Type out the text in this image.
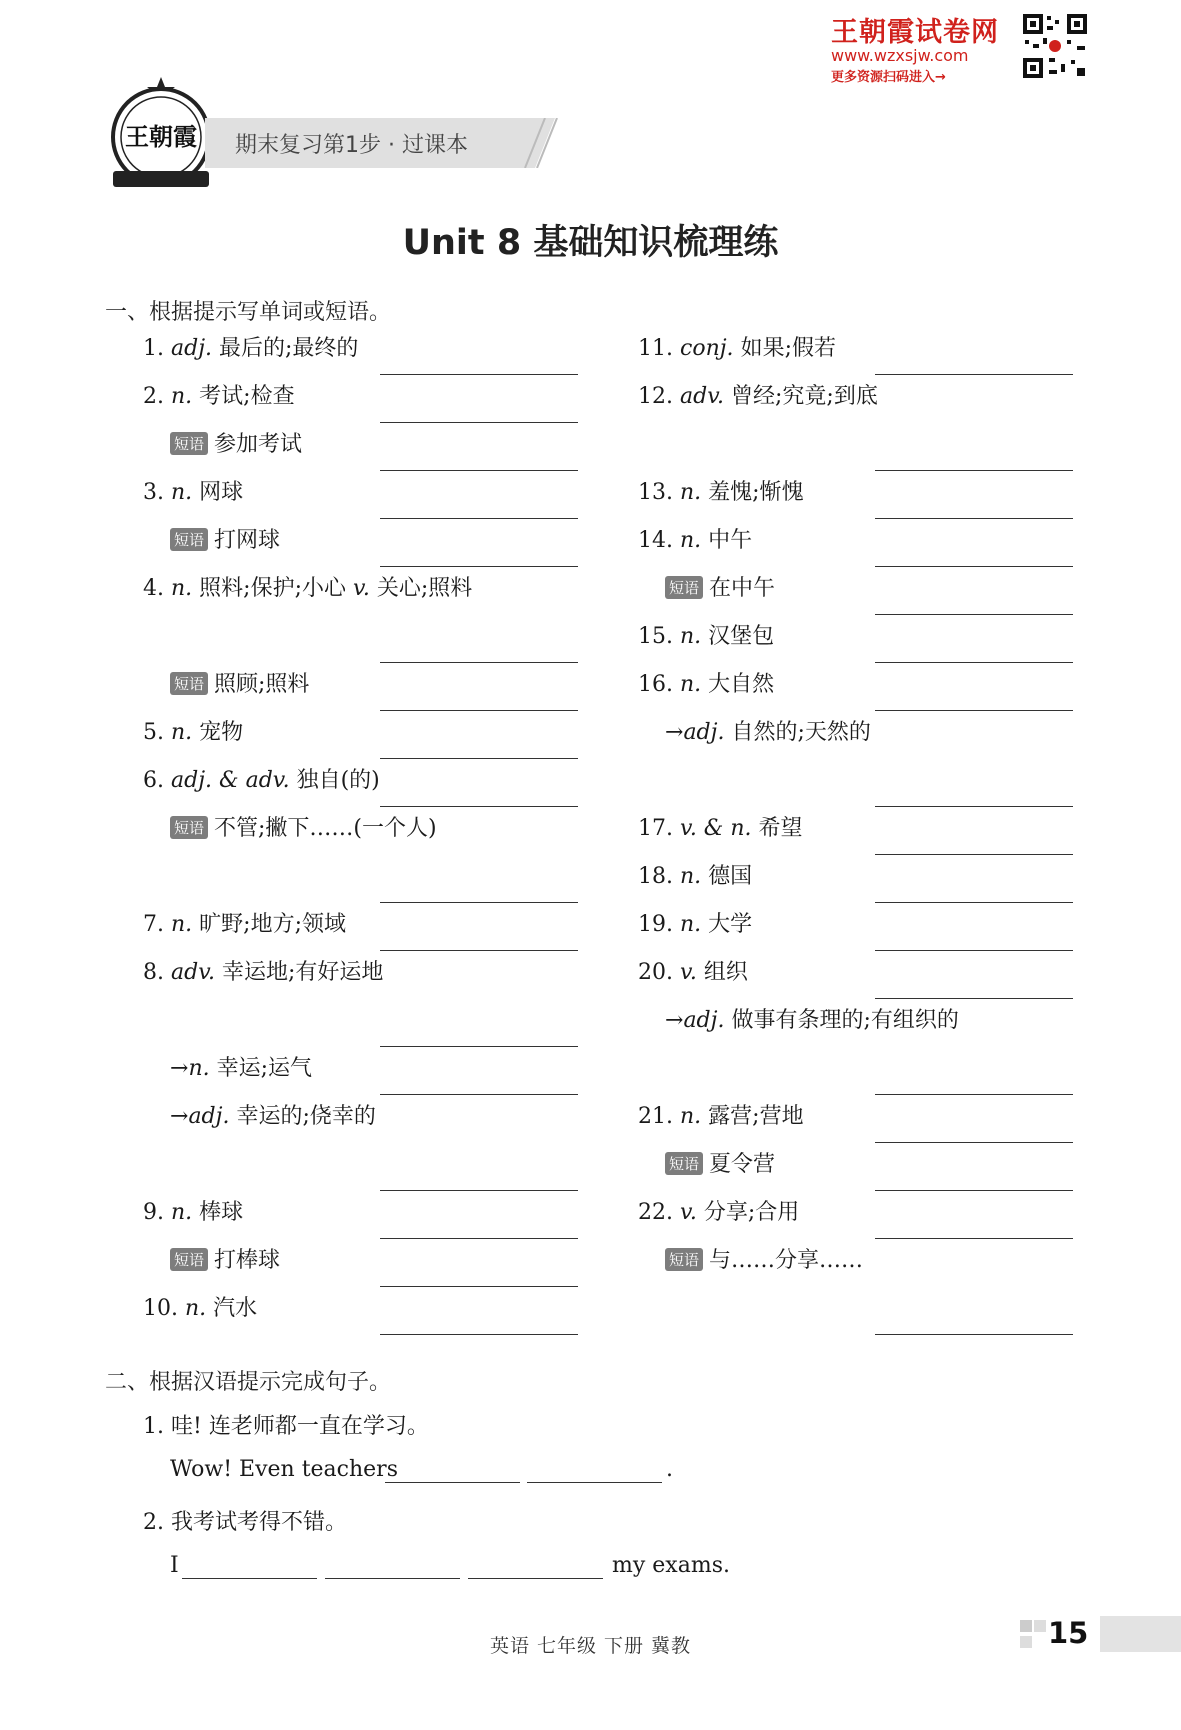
王朝霞试卷网
www.wzxsjw.com
更多资源扫码进入→
王朝霞 期末复习第1步 · 过课本
Unit 8 基础知识梳理练
一、根据提示写单词或短语。
1. adj. 最后的;最终的
2. n. 考试;检查
短语 参加考试
3. n. 网球
短语 打网球
4. n. 照料;保护;小心 v. 关心;照料
短语 照顾;照料
5. n. 宠物
6. adj. & adv. 独自(的)
短语 不管;撇下……(一个人)
7. n. 旷野;地方;领域
8. adv. 幸运地;有好运地
→n. 幸运;运气
→adj. 幸运的;侥幸的
9. n. 棒球
短语 打棒球
10. n. 汽水
11. conj. 如果;假若
12. adv. 曾经;究竟;到底
13. n. 羞愧;惭愧
14. n. 中午
短语 在中午
15. n. 汉堡包
16. n. 大自然
→adj. 自然的;天然的
17. v. & n. 希望
18. n. 德国
19. n. 大学
20. v. 组织
→adj. 做事有条理的;有组织的
21. n. 露营;营地
短语 夏令营
22. v. 分享;合用
短语 与……分享……
二、根据汉语提示完成句子。
1. 哇! 连老师都一直在学习。
Wow! Even teachers	.
2. 我考试考得不错。
I	my exams.
英语 七年级 下册 冀教	15
